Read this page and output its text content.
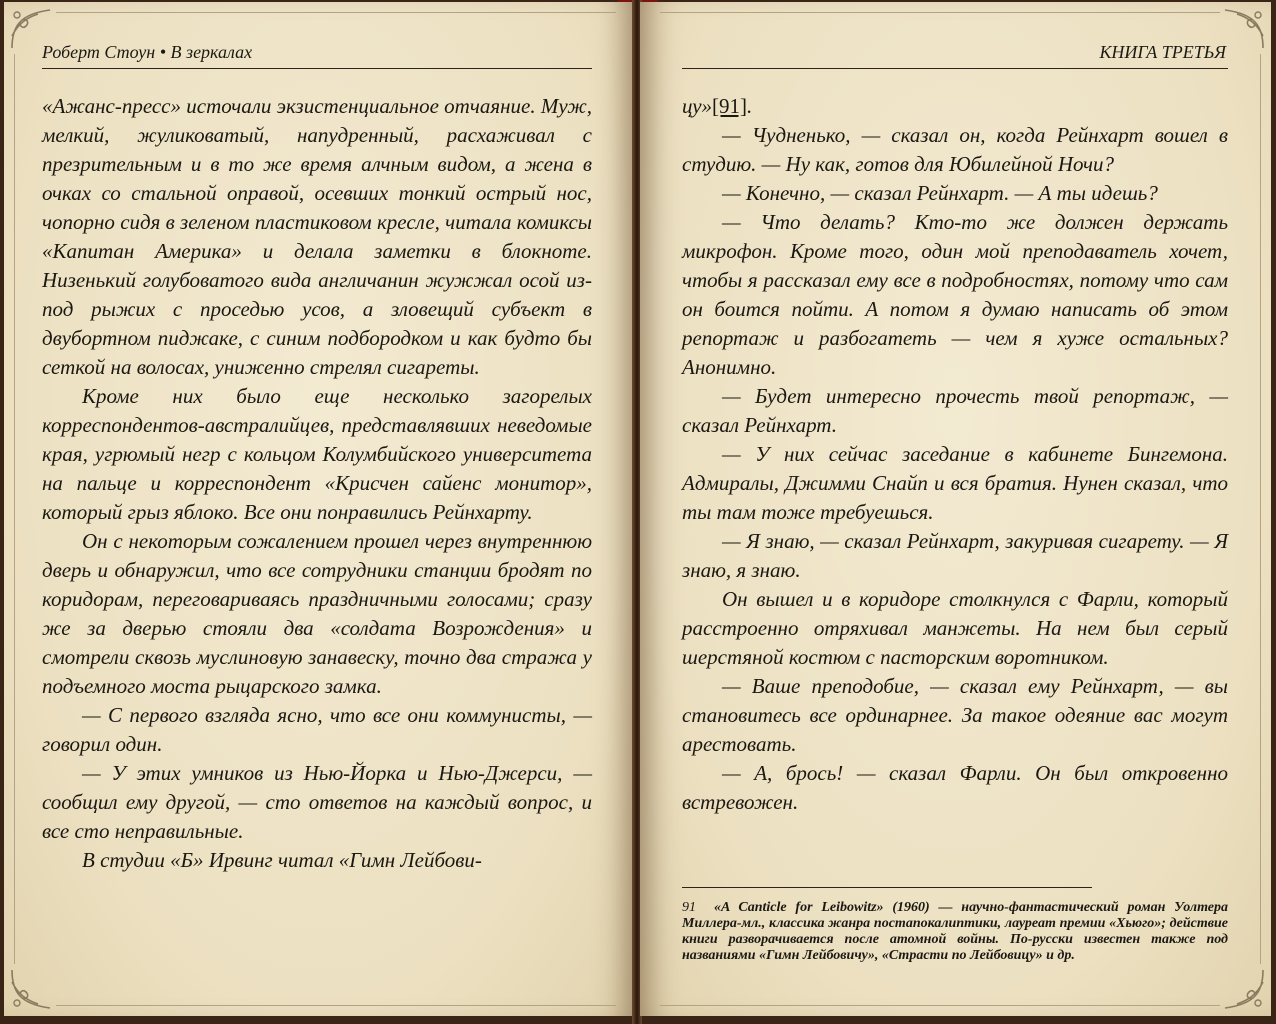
Роберт Стоун • В зеркалах

«Ажанс-пресс» источали экзистенциальное отчаяние. Муж, мелкий, жуликоватый, напудренный, расхаживал с презрительным и в то же время алчным видом, а жена в очках со стальной оправой, осевших тонкий острый нос, чопорно сидя в зеленом пластиковом кресле, читала комиксы «Капитан Америка» и делала заметки в блокноте. Низенький голубоватого вида англичанин жужжал осой из-под рыжих с проседью усов, а зловещий субъект в двубортном пиджаке, с синим подбородком и как будто бы сеткой на волосах, униженно стрелял сигареты.

Кроме них было еще несколько загорелых корреспондентов-австралийцев, представлявших неведомые края, угрюмый негр с кольцом Колумбийского университета на пальце и корреспондент «Крисчен сайенс монитор», который грыз яблоко. Все они понравились Рейнхарту.

Он с некоторым сожалением прошел через внутреннюю дверь и обнаружил, что все сотрудники станции бродят по коридорам, переговариваясь праздничными голосами; сразу же за дверью стояли два «солдата Возрождения» и смотрели сквозь муслиновую занавеску, точно два стража у подъемного моста рыцарского замка.

— С первого взгляда ясно, что все они коммунисты, — говорил один.

— У этих умников из Нью-Йорка и Нью-Джерси, — сообщил ему другой, — сто ответов на каждый вопрос, и все сто неправильные.

В студии «Б» Ирвинг читал «Гимн Лейбови-

КНИГА ТРЕТЬЯ

цу»[91].

— Чудненько, — сказал он, когда Рейнхарт вошел в студию. — Ну как, готов для Юбилейной Ночи?

— Конечно, — сказал Рейнхарт. — А ты идешь?

— Что делать? Кто-то же должен держать микрофон. Кроме того, один мой преподаватель хочет, чтобы я рассказал ему все в подробностях, потому что сам он боится пойти. А потом я думаю написать об этом репортаж и разбогатеть — чем я хуже остальных? Анонимно.

— Будет интересно прочесть твой репортаж, — сказал Рейнхарт.

— У них сейчас заседание в кабинете Бингемона. Адмиралы, Джимми Снайп и вся братия. Нунен сказал, что ты там тоже требуешься.

— Я знаю, — сказал Рейнхарт, закуривая сигарету. — Я знаю, я знаю.

Он вышел и в коридоре столкнулся с Фарли, который расстроенно отряхивал манжеты. На нем был серый шерстяной костюм с пасторским воротником.

— Ваше преподобие, — сказал ему Рейнхарт, — вы становитесь все ординарнее. За такое одеяние вас могут арестовать.

— А, брось! — сказал Фарли. Он был откровенно встревожен.

91 «A Canticle for Leibowitz» (1960) — научно-фантастический роман Уолтера Миллера-мл., классика жанра постапокалиптики, лауреат премии «Хьюго»; действие книги разворачивается после атомной войны. По-русски известен также под названиями «Гимн Лейбовичу», «Страсти по Лейбовицу» и др.
